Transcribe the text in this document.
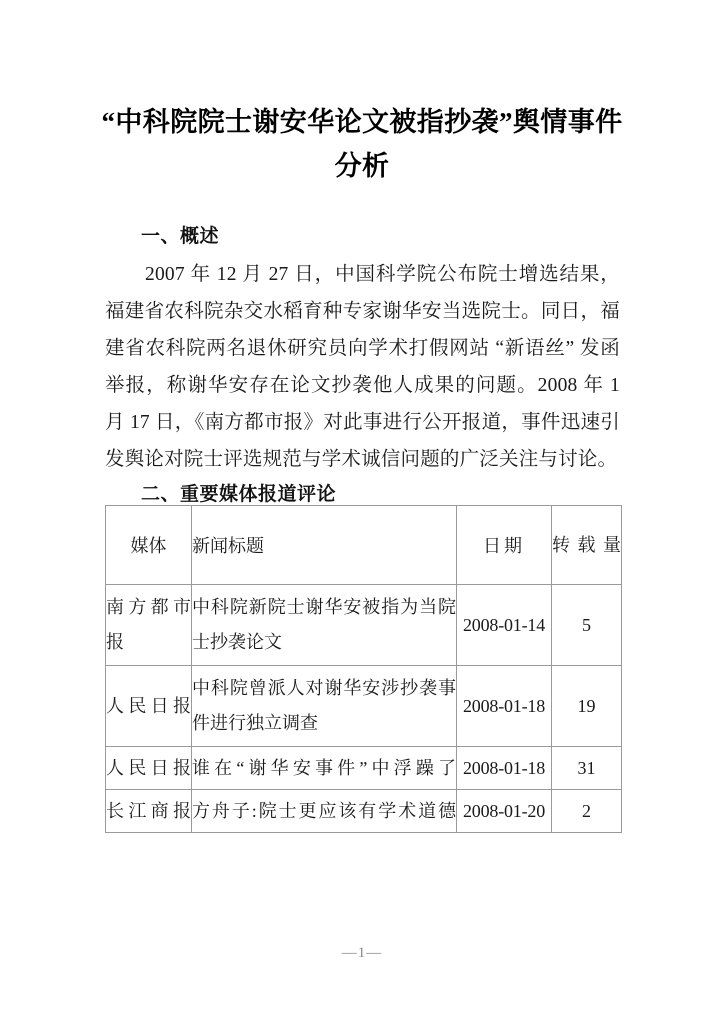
“中科院院士谢安华论文被指抄袭”舆情事件分析
一、概述
2007 年 12 月 27 日，中国科学院公布院士增选结果，福建省农科院杂交水稻育种专家谢华安当选院士。同日，福建省农科院两名退休研究员向学术打假网站 “新语丝” 发函举报，称谢华安存在论文抄袭他人成果的问题。2008 年 1 月 17 日，《南方都市报》对此事进行公开报道，事件迅速引发舆论对院士评选规范与学术诚信问题的广泛关注与讨论。
二、重要媒体报道评论
媒体	新闻标题	日期	转载量
南方都市报	中科院新院士谢华安被指为当院士抄袭论文	2008-01-14	5
人民日报	中科院曾派人对谢华安涉抄袭事件进行独立调查	2008-01-18	19
人民日报	谁在“谢华安事件”中浮躁了	2008-01-18	31
长江商报	方舟子:院士更应该有学术道德	2008-01-20	2
—1—
